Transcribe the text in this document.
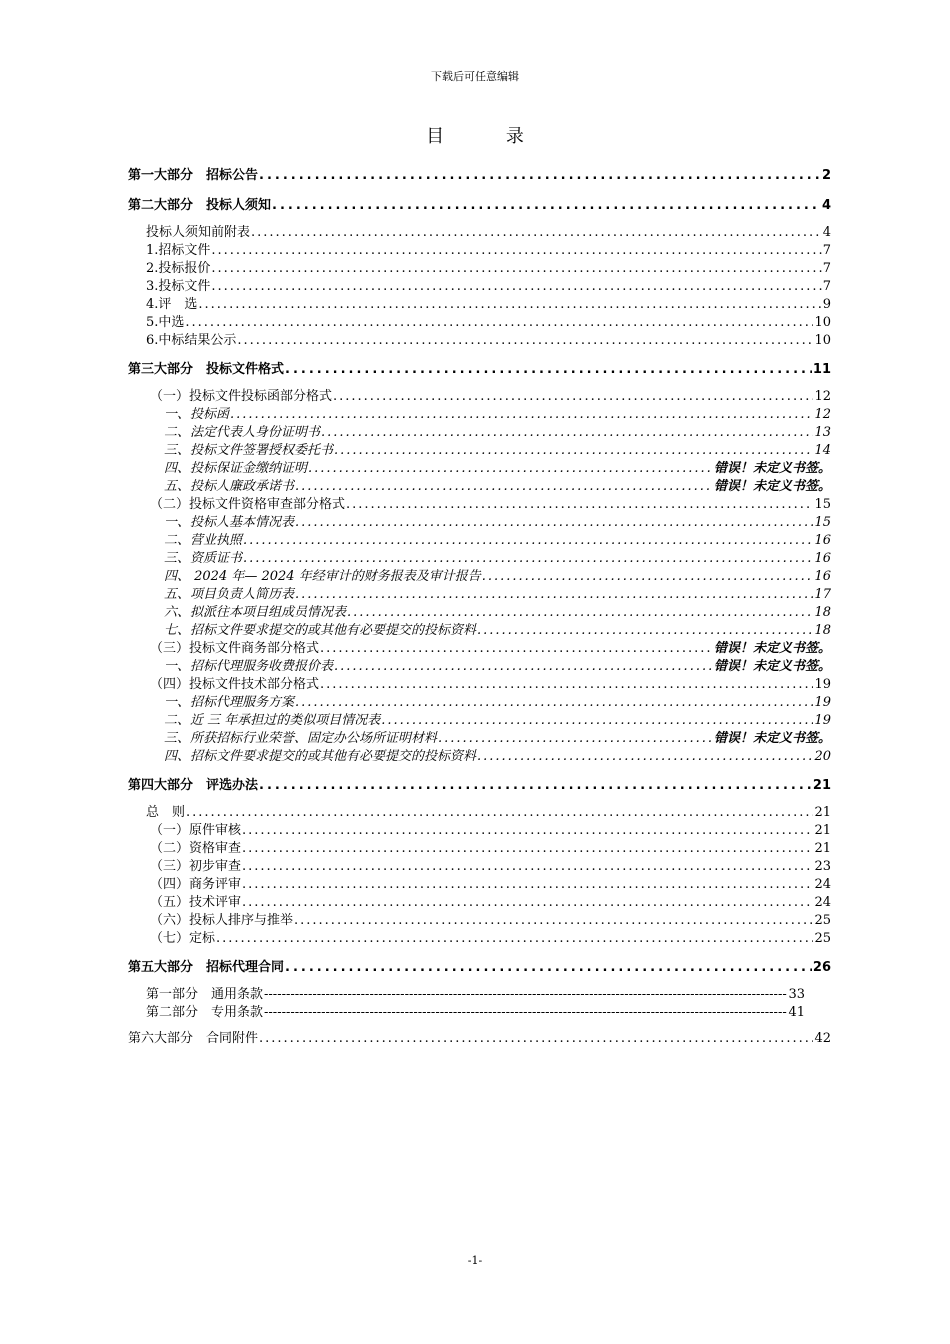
下载后可任意编辑
目 录
第一大部分　招标公告 .....	2
第二大部分　投标人须知 .....	4
投标人须知前附表 .....	4
1.招标文件 .....	7
2.投标报价 .....	7
3.投标文件 .....	7
4.评　选 .....	9
5.中选 .....	10
6.中标结果公示 .....	10
第三大部分　投标文件格式 .....	11
（一）投标文件投标函部分格式 .....	12
一、投标函 .....	12
二、法定代表人身份证明书 .....	13
三、投标文件签署授权委托书 .....	14
四、投标保证金缴纳证明 .....	错误！未定义书签。
五、投标人廉政承诺书 .....	错误！未定义书签。
（二）投标文件资格审查部分格式 .....	15
一、投标人基本情况表 .....	15
二、营业执照 .....	16
三、资质证书 .....	16
四、 2024 年— 2024 年经审计的财务报表及审计报告 .....	16
五、项目负责人简历表 .....	17
六、拟派往本项目组成员情况表 .....	18
七、招标文件要求提交的或其他有必要提交的投标资料 .....	18
（三）投标文件商务部分格式 .....	错误！未定义书签。
一、招标代理服务收费报价表 .....	错误！未定义书签。
（四）投标文件技术部分格式 .....	19
一、招标代理服务方案 .....	19
二、近 三 年承担过的类似项目情况表 .....	19
三、所获招标行业荣誉、固定办公场所证明材料 .....	错误！未定义书签。
四、招标文件要求提交的或其他有必要提交的投标资料 .....	20
第四大部分　评选办法 .....	21
总　则 .....	21
（一）原件审核 .....	21
（二）资格审查 .....	21
（三）初步审查 .....	23
（四）商务评审 .....	24
（五）技术评审 .....	24
（六）投标人排序与推举 .....	25
（七）定标 .....	25
第五大部分　招标代理合同 .....	26
第一部分　通用条款 -----	33
第二部分　专用条款 -----	41
第六大部分　合同附件 .....	42
-1-
